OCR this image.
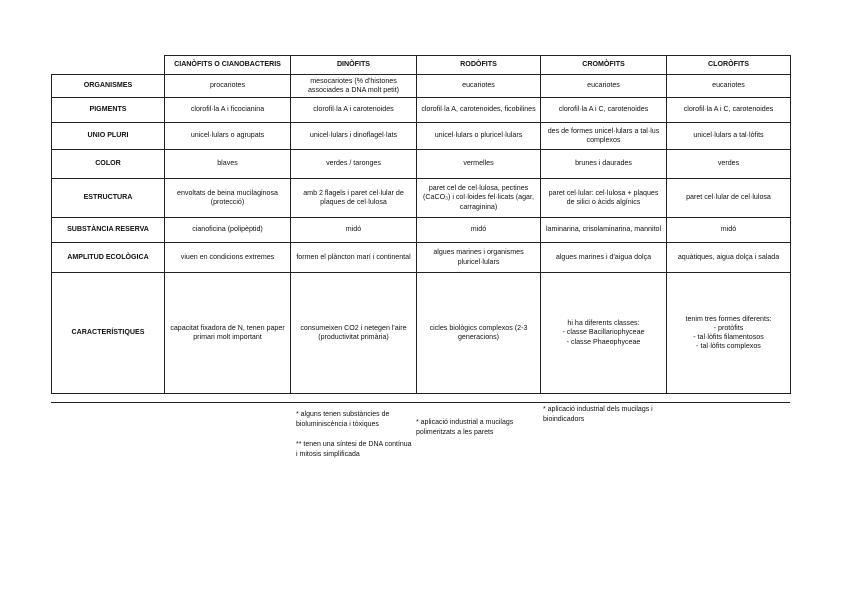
	CIANÒFITS O CIANOBACTERIS	DINÒFITS	RODÒFITS	CROMÒFITS	CLORÒFITS
ORGANISMES	procariotes	mesocariotes (% d'histones associades a DNA molt petit)	eucariotes	eucariotes	eucariotes
PIGMENTS	clorofil·la A i ficocianina	clorofil·la A i carotenoides	clorofil·la A, carotenoides, ficobilines	clorofil·la A i C, carotenoides	clorofil·la A i C, carotenoides
UNIO PLURI	unicel·lulars o agrupats	unicel·lulars i dinoflagel·lats	unicel·lulars o pluricel·lulars	des de formes unicel·lulars a tal·lus complexos	unicel·lulars a tal·lòfits
COLOR	blaves	verdes / taronges	vermelles	brunes i daurades	verdes
ESTRUCTURA	envoltats de beina mucilaginosa (protecció)	amb 2 flagels i paret cel·lular de plaques de cel·lulosa	paret cel de cel·lulosa, pectines (CaCO₃) i col·loides fel·licats (agar, carraginina)	paret cel·lular: cel·lulosa + plaques de silici o àcids algínics	paret cel·lular de cel·lulosa
SUBSTÀNCIA RESERVA	cianoficina (polipèptid)	midó	midó	laminarina, crisolaminarina, mannitol	midó
AMPLITUD ECOLÒGICA	viuen en condicions extremes	formen el plàncton marí i continental	algues marines i organismes pluricel·lulars	algues marines i d'aigua dolça	aquàtiques, aigua dolça i salada
CARACTERÍSTIQUES	capacitat fixadora de N, tenen paper primari molt important	consumeixen CO2 i netegen l'aire (productivitat primària)	cicles biològics complexos (2-3 generacions)	hi ha diferents classes:
- classe Bacillariophyceae
- classe Phaeophyceae	tenim tres formes diferents:
- protòfits
- tal·lòfits filamentosos
- tal·lòfits complexos
* alguns tenen substàncies de bioluminiscència i tòxiques
** tenen una síntesi de DNA contínua i mitosis simplificada
* aplicació industrial a mucilags polimeritzats a les parets
* aplicació industrial dels mucilags i bioindicadors
